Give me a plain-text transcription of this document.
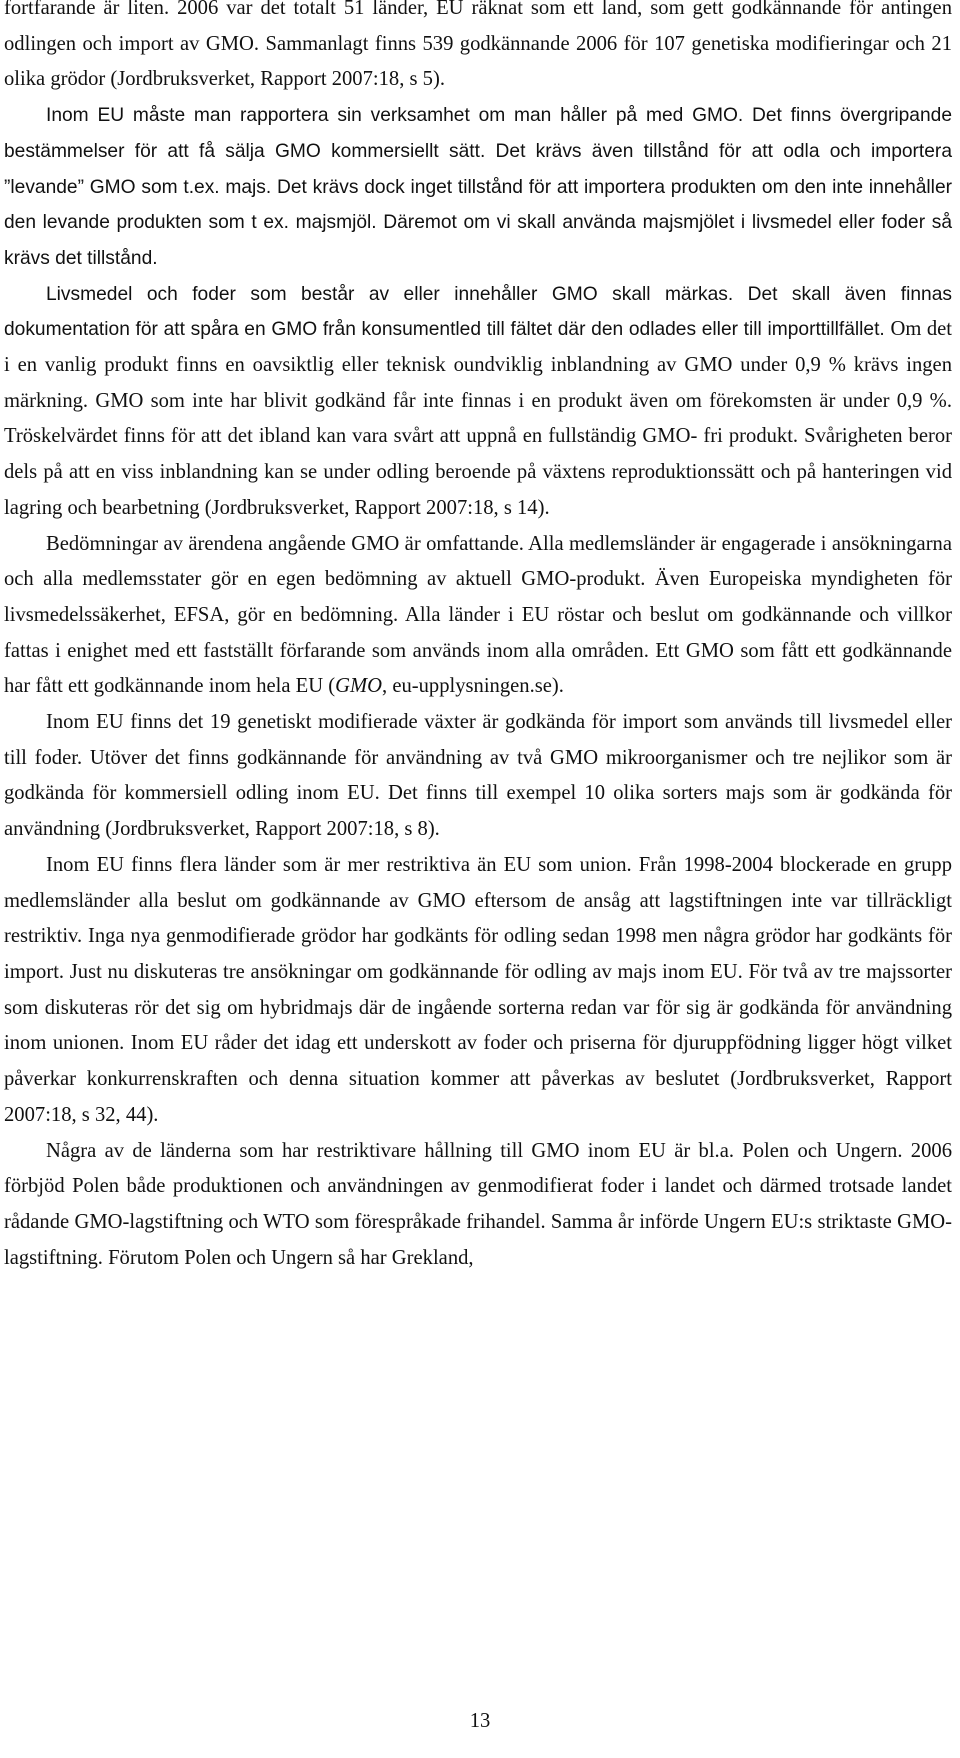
fortfarande är liten. 2006 var det totalt 51 länder, EU räknat som ett land, som gett godkännande för antingen odlingen och import av GMO. Sammanlagt finns 539 godkännande 2006 för 107 genetiska modifieringar och 21 olika grödor (Jordbruksverket, Rapport 2007:18, s 5).

Inom EU måste man rapportera sin verksamhet om man håller på med GMO. Det finns övergripande bestämmelser för att få sälja GMO kommersiellt sätt. Det krävs även tillstånd för att odla och importera ”levande” GMO som t.ex. majs. Det krävs dock inget tillstånd för att importera produkten om den inte innehåller den levande produkten som t ex. majsmjöl. Däremot om vi skall använda majsmjölet i livsmedel eller foder så krävs det tillstånd.

Livsmedel och foder som består av eller innehåller GMO skall märkas. Det skall även finnas dokumentation för att spåra en GMO från konsumentled till fältet där den odlades eller till importtillfället. Om det i en vanlig produkt finns en oavsiktlig eller teknisk oundviklig inblandning av GMO under 0,9 % krävs ingen märkning. GMO som inte har blivit godkänd får inte finnas i en produkt även om förekomsten är under 0,9 %. Tröskelvärdet finns för att det ibland kan vara svårt att uppnå en fullständig GMO- fri produkt. Svårigheten beror dels på att en viss inblandning kan se under odling beroende på växtens reproduktionssätt och på hanteringen vid lagring och bearbetning (Jordbruksverket, Rapport 2007:18, s 14).

Bedömningar av ärendena angående GMO är omfattande. Alla medlemsländer är engagerade i ansökningarna och alla medlemsstater gör en egen bedömning av aktuell GMO-produkt. Även Europeiska myndigheten för livsmedelssäkerhet, EFSA, gör en bedömning. Alla länder i EU röstar och beslut om godkännande och villkor fattas i enighet med ett fastställt förfarande som används inom alla områden. Ett GMO som fått ett godkännande har fått ett godkännande inom hela EU (GMO, eu-upplysningen.se).

Inom EU finns det 19 genetiskt modifierade växter är godkända för import som används till livsmedel eller till foder. Utöver det finns godkännande för användning av två GMO mikroorganismer och tre nejlikor som är godkända för kommersiell odling inom EU. Det finns till exempel 10 olika sorters majs som är godkända för användning (Jordbruksverket, Rapport 2007:18, s 8).

Inom EU finns flera länder som är mer restriktiva än EU som union. Från 1998-2004 blockerade en grupp medlemsländer alla beslut om godkännande av GMO eftersom de ansåg att lagstiftningen inte var tillräckligt restriktiv. Inga nya genmodifierade grödor har godkänts för odling sedan 1998 men några grödor har godkänts för import. Just nu diskuteras tre ansökningar om godkännande för odling av majs inom EU. För två av tre majssorter som diskuteras rör det sig om hybridmajs där de ingående sorterna redan var för sig är godkända för användning inom unionen. Inom EU råder det idag ett underskott av foder och priserna för djuruppfödning ligger högt vilket påverkar konkurrenskraften och denna situation kommer att påverkas av beslutet (Jordbruksverket, Rapport 2007:18, s 32, 44).

Några av de länderna som har restriktivare hållning till GMO inom EU är bl.a. Polen och Ungern. 2006 förbjöd Polen både produktionen och användningen av genmodifierat foder i landet och därmed trotsade landet rådande GMO-lagstiftning och WTO som förespråkade frihandel. Samma år införde Ungern EU:s striktaste GMO-lagstiftning. Förutom Polen och Ungern så har Grekland,

13
